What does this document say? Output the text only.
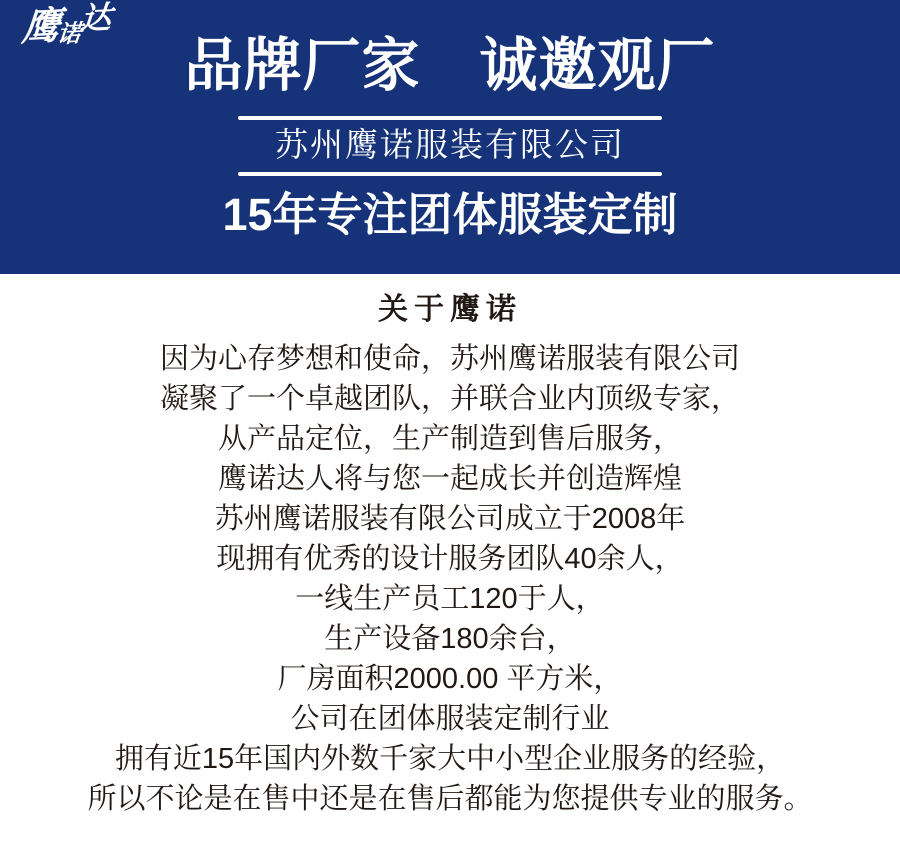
鹰诺达
品牌厂家　诚邀观厂
苏州鹰诺服装有限公司
15年专注团体服装定制
关于鹰诺
因为心存梦想和使命，苏州鹰诺服装有限公司
凝聚了一个卓越团队，并联合业内顶级专家，
从产品定位，生产制造到售后服务，
鹰诺达人将与您一起成长并创造辉煌
苏州鹰诺服装有限公司成立于2008年
现拥有优秀的设计服务团队40余人，
一线生产员工120于人，
生产设备180余台，
厂房面积2000.00 平方米，
公司在团体服装定制行业
拥有近15年国内外数千家大中小型企业服务的经验，
所以不论是在售中还是在售后都能为您提供专业的服务。
